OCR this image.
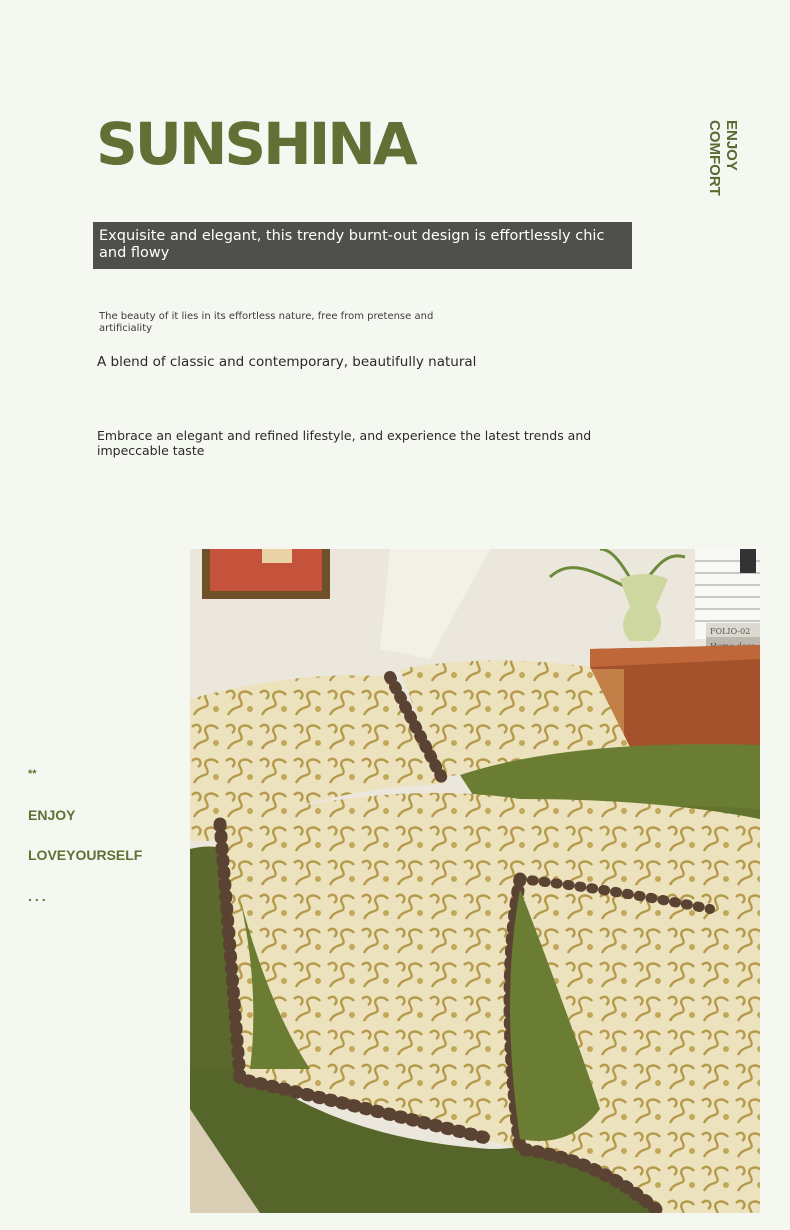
SUNSHINA	ENJOY
COMFORT
Exquisite and elegant, this trendy burnt-out design is effortlessly chic and flowy
The beauty of it lies in its effortless nature, free from pretense and artificiality
A blend of classic and contemporary, beautifully natural
Embrace an elegant and refined lifestyle, and experience the latest trends and impeccable taste
**
ENJOY
LOVEYOURSELF
...
FOLIO-02
